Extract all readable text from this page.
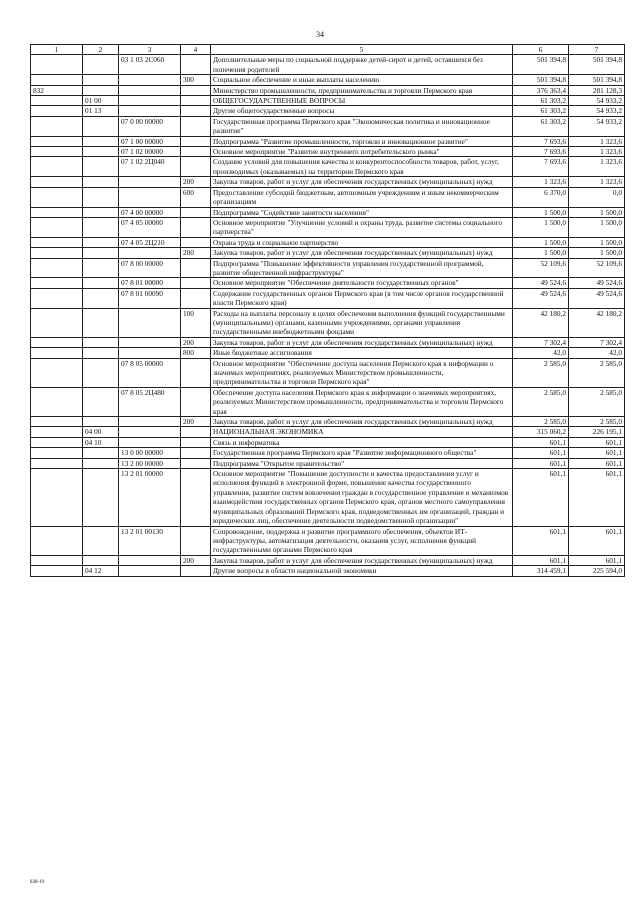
34
1	2	3	4	5	6	7
		03 1 03 2С060		Дополнительные меры по социальной поддержке детей-сирот и детей, оставшихся без попечения родителей	501 394,8	501 394,8
			300	Социальное обеспечение и иные выплаты населению	501 394,8	501 394,8
832				Министерство промышленности, предпринимательства и торговли Пермского края	376 363,4	281 128,3
	01 00			ОБЩЕГОСУДАРСТВЕННЫЕ ВОПРОСЫ	61 303,2	54 933,2
	01 13			Другие общегосударственные вопросы	61 303,2	54 933,2
		07 0 00 00000		Государственная программа Пермского края "Экономическая политика и инновационное развитие"	61 303,2	54 933,2
		07 1 00 00000		Подпрограмма "Развитие промышленности, торговли и инновационное развитие"	7 693,6	1 323,6
		07 1 02 00000		Основное мероприятие "Развитие внутреннего потребительского рынка"	7 693,6	1 323,6
		07 1 02 2Ц040		Создание условий для повышения качества и конкурентоспособности товаров, работ, услуг, производимых (оказываемых) на территории Пермского края	7 693,6	1 323,6
			200	Закупка товаров, работ и услуг для обеспечения государственных (муниципальных) нужд	1 323,6	1 323,6
			600	Предоставление субсидий бюджетным, автономным учреждениям и иным некоммерческим организациям	6 370,0	0,0
		07 4 00 00000		Подпрограмма "Содействие занятости населения"	1 500,0	1 500,0
		07 4 05 00000		Основное мероприятие "Улучшение условий и охраны труда, развитие системы социального партнерства"	1 500,0	1 500,0
		07 4 05 2Ц210		Охрана труда и социальное партнерство	1 500,0	1 500,0
			200	Закупка товаров, работ и услуг для обеспечения государственных (муниципальных) нужд	1 500,0	1 500,0
		07 8 00 00000		Подпрограмма "Повышение эффективности управления государственной программой, развитие общественной инфраструктуры"	52 109,6	52 109,6
		07 8 01 00000		Основное мероприятие "Обеспечение деятельности государственных органов"	49 524,6	49 524,6
		07 8 01 00090		Содержание государственных органов Пермского края (в том числе органов государственной власти Пермского края)	49 524,6	49 524,6
			100	Расходы на выплаты персоналу в целях обеспечения выполнения функций государственными (муниципальными) органами, казенными учреждениями, органами управления государственными внебюджетными фондами	42 180,2	42 180,2
			200	Закупка товаров, работ и услуг для обеспечения государственных (муниципальных) нужд	7 302,4	7 302,4
			800	Иные бюджетные ассигнования	42,0	42,0
		07 8 05 00000		Основное мероприятие "Обеспечение доступа населения Пермского края к информации о значимых мероприятиях, реализуемых Министерством промышленности, предпринимательства и торговли Пермского края"	2 585,0	2 585,0
		07 8 05 2Ц480		Обеспечение доступа населения Пермского края к информации о значимых мероприятиях, реализуемых Министерством промышленности, предпринимательства и торговли Пермского края	2 585,0	2 585,0
			200	Закупка товаров, работ и услуг для обеспечения государственных (муниципальных) нужд	2 585,0	2 585,0
	04 00			НАЦИОНАЛЬНАЯ ЭКОНОМИКА	315 060,2	226 195,1
	04 10			Связь и информатика	601,1	601,1
		13 0 00 00000		Государственная программа Пермского края "Развитие информационного общества"	601,1	601,1
		13 2 00 00000		Подпрограмма "Открытое правительство"	601,1	601,1
		13 2 01 00000		Основное мероприятие "Повышение доступности и качества предоставления услуг и исполнения функций в электронной форме, повышение качества государственного управления, развитие систем вовлечения граждан в государственное управление и механизмов взаимодействия государственных органов Пермского края, органов местного самоуправления муниципальных образований Пермского края, подведомственных им организаций, граждан и юридических лиц, обеспечение деятельности подведомственной организации"	601,1	601,1
		13 2 01 00130		Сопровождение, поддержка и развитие программного обеспечения, объектов ИТ-инфраструктуры, автоматизация деятельности, оказания услуг, исполнения функций государственными органами Пермского края	601,1	601,1
			200	Закупка товаров, работ и услуг для обеспечения государственных (муниципальных) нужд	601,1	601,1
	04 12			Другие вопросы в области национальной экономики	314 459,1	225 594,0
838-19
